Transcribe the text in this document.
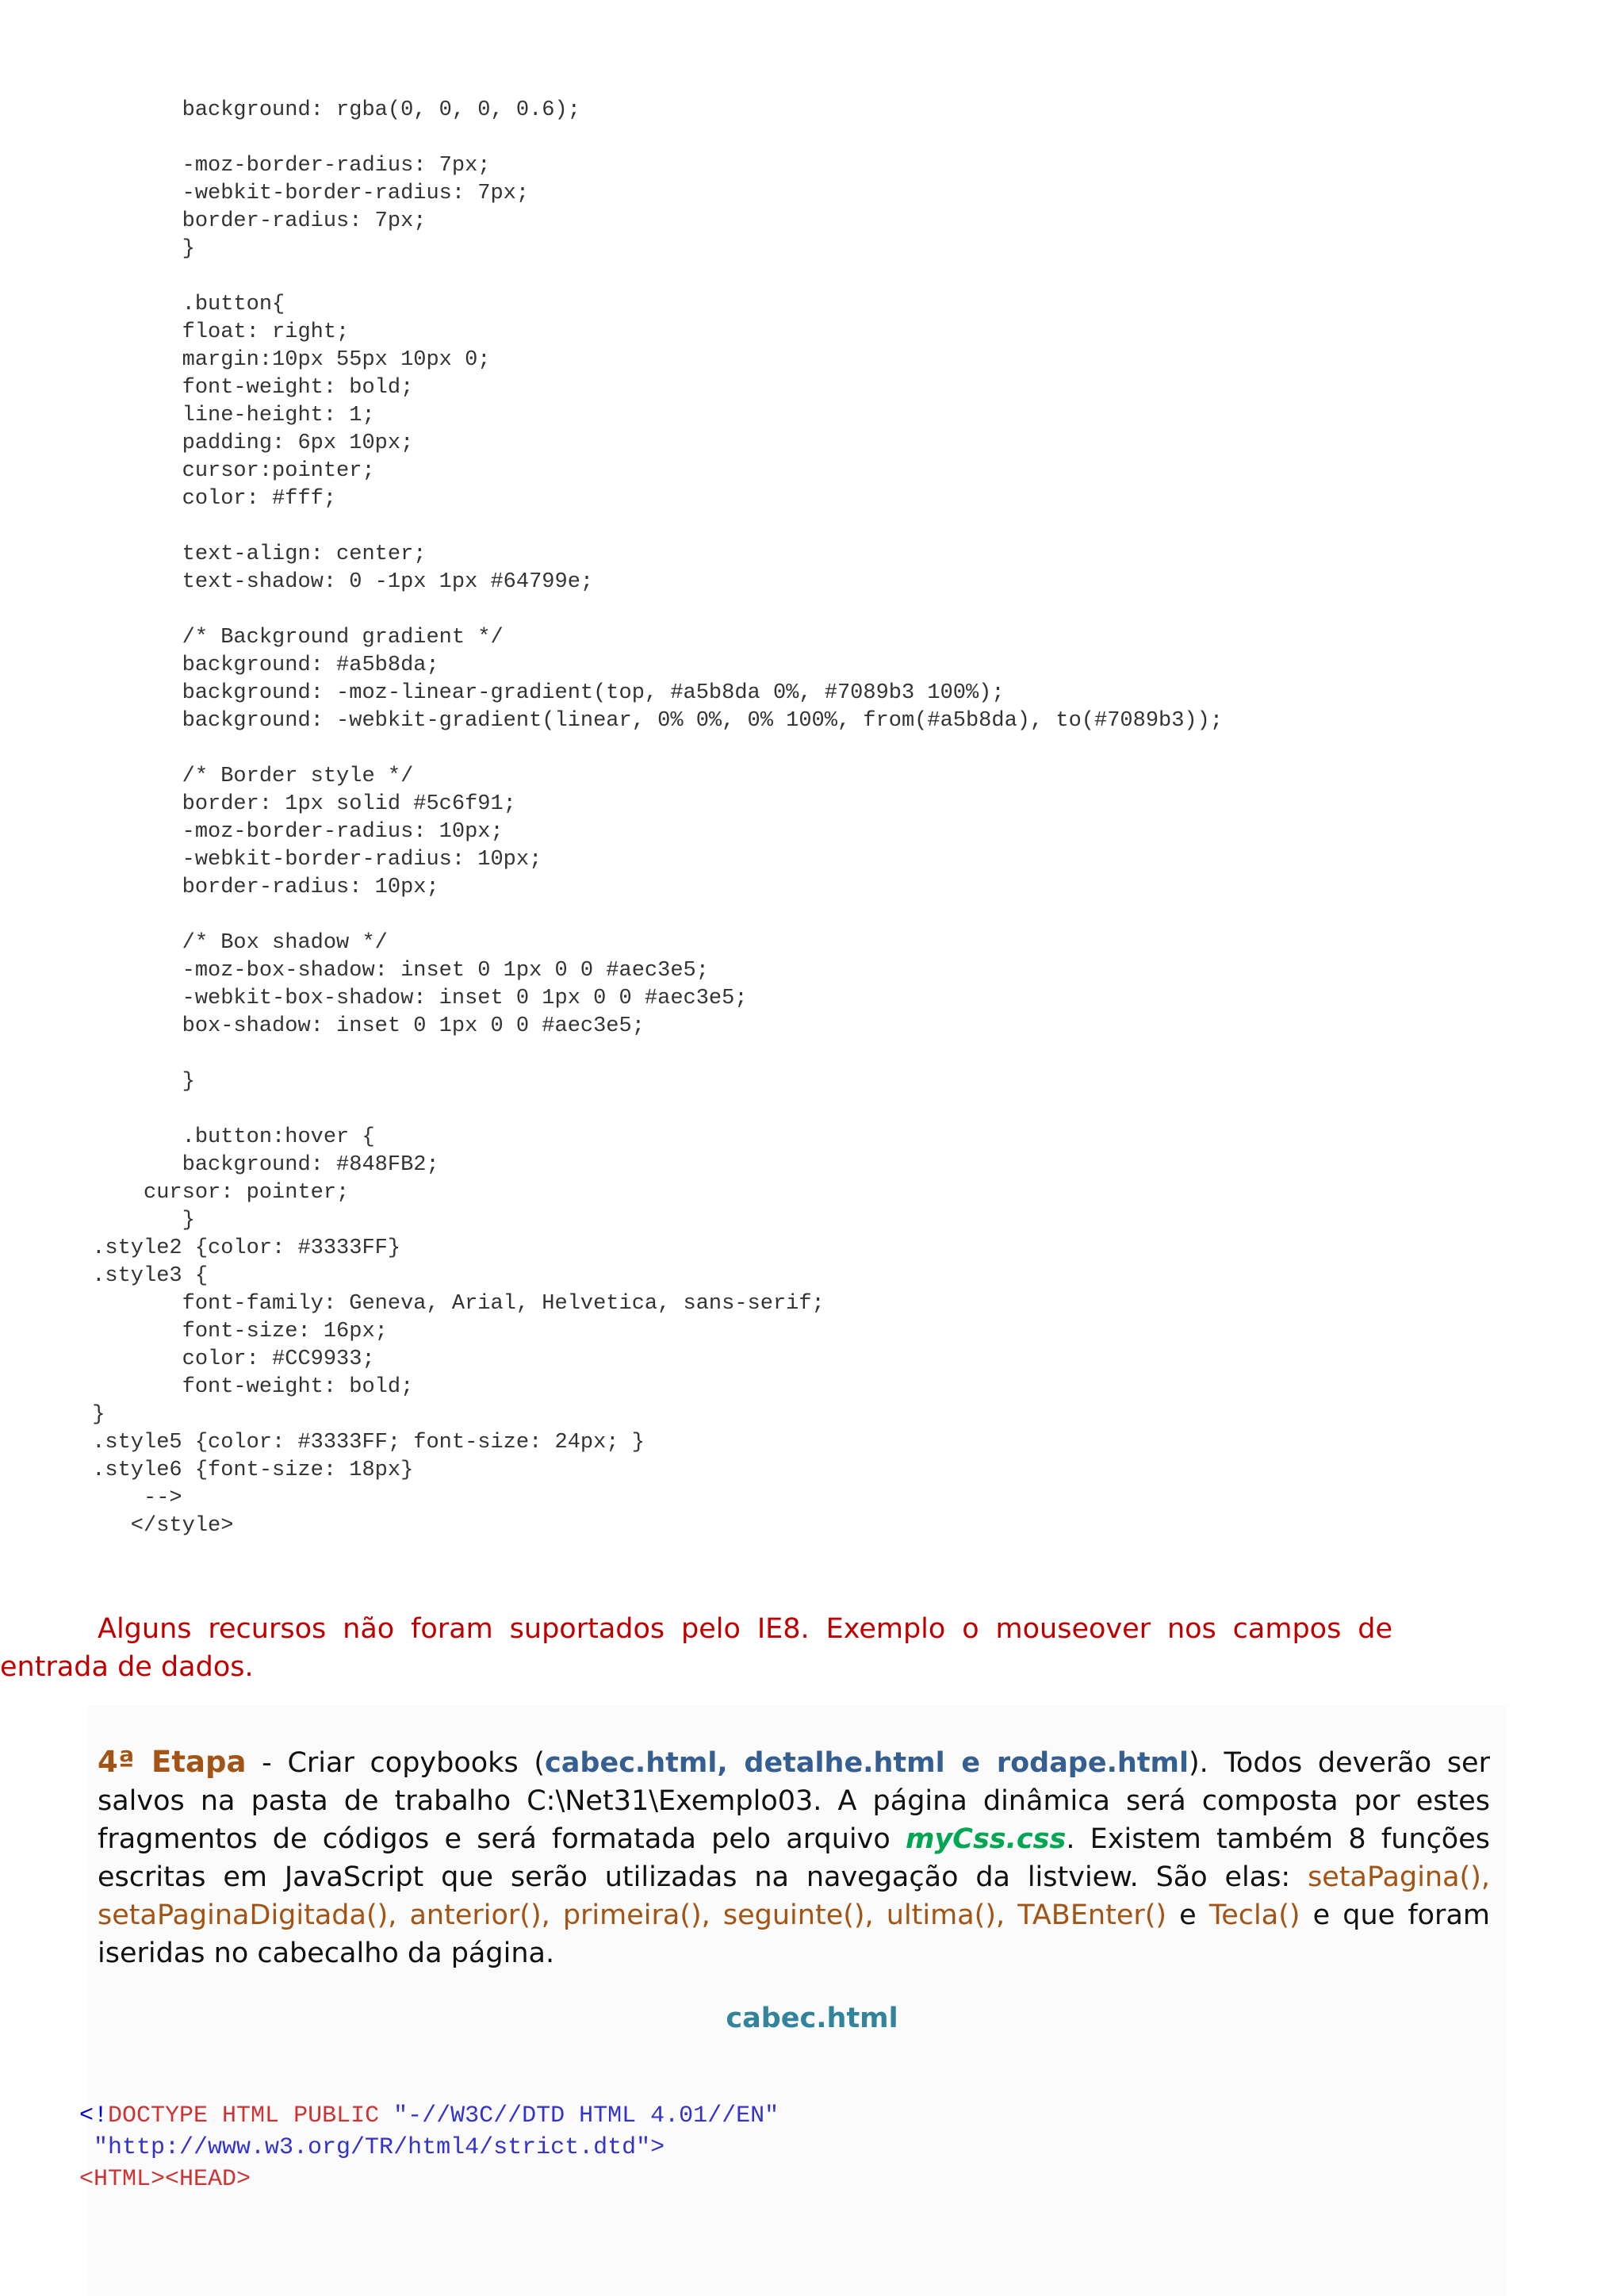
background: rgba(0, 0, 0, 0.6);
-moz-border-radius: 7px;
-webkit-border-radius: 7px;
border-radius: 7px;
}
.button{
float: right;
margin:10px 55px 10px 0;
font-weight: bold;
line-height: 1;
padding: 6px 10px;
cursor:pointer;
color: #fff;
text-align: center;
text-shadow: 0 -1px 1px #64799e;
/* Background gradient */
background: #a5b8da;
background: -moz-linear-gradient(top, #a5b8da 0%, #7089b3 100%);
background: -webkit-gradient(linear, 0% 0%, 0% 100%, from(#a5b8da), to(#7089b3));
/* Border style */
border: 1px solid #5c6f91;
-moz-border-radius: 10px;
-webkit-border-radius: 10px;
border-radius: 10px;
/* Box shadow */
-moz-box-shadow: inset 0 1px 0 0 #aec3e5;
-webkit-box-shadow: inset 0 1px 0 0 #aec3e5;
box-shadow: inset 0 1px 0 0 #aec3e5;
}
.button:hover {
background: #848FB2;
cursor: pointer;
}
.style2 {color: #3333FF}
.style3 {
font-family: Geneva, Arial, Helvetica, sans-serif;
font-size: 16px;
color: #CC9933;
font-weight: bold;
}
.style5 {color: #3333FF; font-size: 24px; }
.style6 {font-size: 18px}
-->
</style>
Alguns recursos não foram suportados pelo IE8. Exemplo o mouseover nos campos de entrada de dados.
4ª Etapa - Criar copybooks (cabec.html, detalhe.html e rodape.html). Todos deverão ser salvos na pasta de trabalho C:\Net31\Exemplo03. A página dinâmica será composta por estes fragmentos de códigos e será formatada pelo arquivo myCss.css. Existem também 8 funções escritas em JavaScript que serão utilizadas na navegação da listview. São elas: setaPagina(), setaPaginaDigitada(), anterior(), primeira(), seguinte(), ultima(), TABEnter() e Tecla() e que foram iseridas no cabecalho da página.
cabec.html
<!DOCTYPE HTML PUBLIC "-//W3C//DTD HTML 4.01//EN"
"http://www.w3.org/TR/html4/strict.dtd">
<HTML><HEAD>
